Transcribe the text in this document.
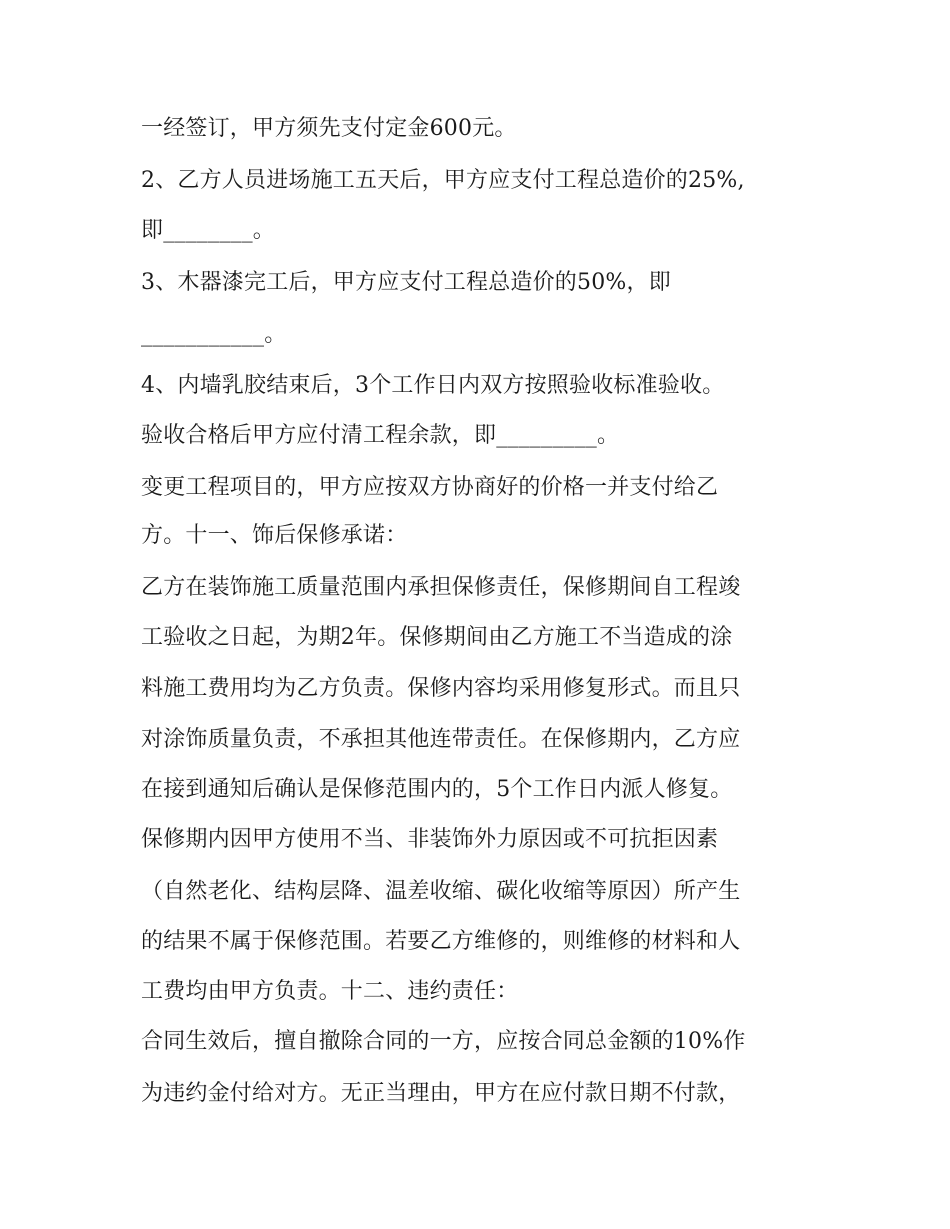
一经签订，甲方须先支付定金600元。
2、乙方人员进场施工五天后，甲方应支付工程总造价的25%,
即________。
3、木器漆完工后，甲方应支付工程总造价的50%，即
___________。
4、内墙乳胶结束后，3个工作日内双方按照验收标准验收。
验收合格后甲方应付清工程余款，即_________。
变更工程项目的，甲方应按双方协商好的价格一并支付给乙
方。十一、饰后保修承诺：
乙方在装饰施工质量范围内承担保修责任，保修期间自工程竣
工验收之日起，为期2年。保修期间由乙方施工不当造成的涂
料施工费用均为乙方负责。保修内容均采用修复形式。而且只
对涂饰质量负责，不承担其他连带责任。在保修期内，乙方应
在接到通知后确认是保修范围内的，5个工作日内派人修复。
保修期内因甲方使用不当、非装饰外力原因或不可抗拒因素
（自然老化、结构层降、温差收缩、碳化收缩等原因）所产生
的结果不属于保修范围。若要乙方维修的，则维修的材料和人
工费均由甲方负责。十二、违约责任：
合同生效后，擅自撤除合同的一方，应按合同总金额的10%作
为违约金付给对方。无正当理由，甲方在应付款日期不付款，
